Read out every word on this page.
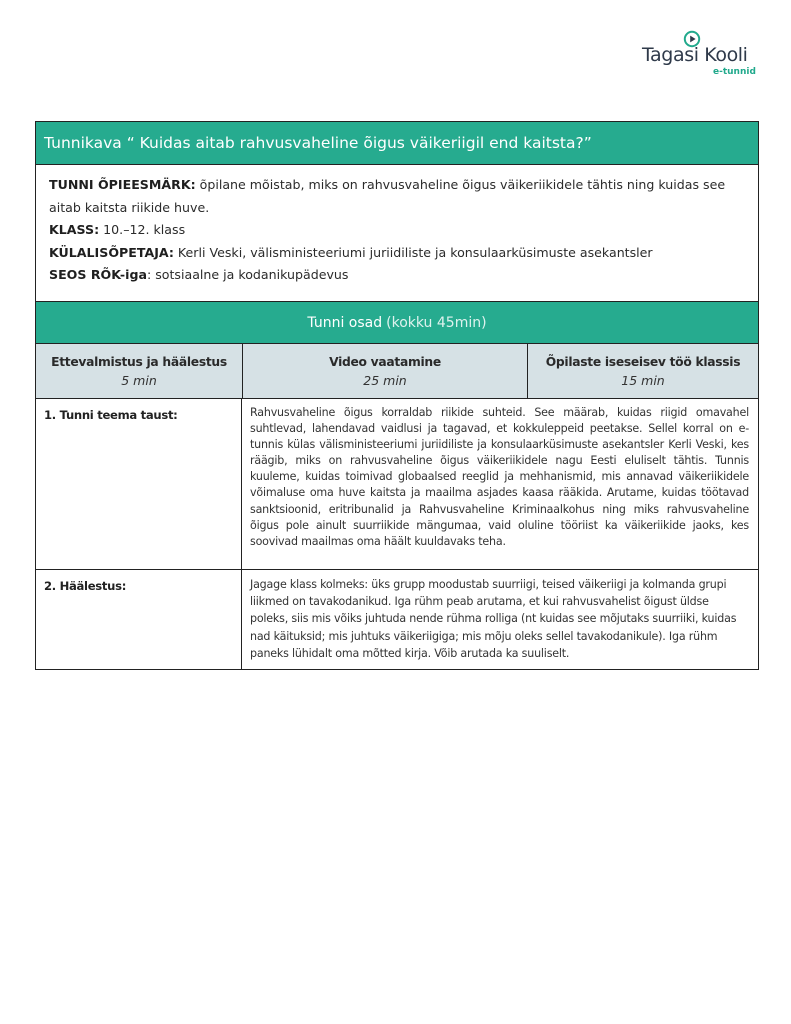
Tagasi Kooli
e-tunnid
Tunnikava “ Kuidas aitab rahvusvaheline õigus väikeriigil end kaitsta?”

TUNNI ÕPIEESMÄRK: õpilane mõistab, miks on rahvusvaheline õigus väikeriikidele tähtis ning kuidas see aitab kaitsta riikide huve.

KLASS: 10.–12. klass

KÜLALISÕPETAJA: Kerli Veski, välisministeeriumi juriidiliste ja konsulaarküsimuste asekantsler

SEOS RÕK-iga: sotsiaalne ja kodanikupädevus

Tunni osad (kokku 45min)
Ettevalmistus ja häälestus
5 min
Video vaatamine
25 min
Õpilaste iseseisev töö klassis
15 min
1. Tunni teema taust:	Rahvusvaheline õigus korraldab riikide suhteid. See määrab, kuidas riigid omavahel suhtlevad, lahendavad vaidlusi ja tagavad, et kokkuleppeid peetakse. Sellel korral on e-tunnis külas välisministeeriumi juriidiliste ja konsulaarküsimuste asekantsler Kerli Veski, kes räägib, miks on rahvusvaheline õigus väikeriikidele nagu Eesti eluliselt tähtis. Tunnis kuuleme, kuidas toimivad globaalsed reeglid ja mehhanismid, mis annavad väikeriikidele võimaluse oma huve kaitsta ja maailma asjades kaasa rääkida. Arutame, kuidas töötavad sanktsioonid, eritribunalid ja Rahvusvaheline Kriminaalkohus ning miks rahvusvaheline õigus pole ainult suurriikide mängumaa, vaid oluline tööriist ka väikeriikide jaoks, kes soovivad maailmas oma häält kuuldavaks teha.
2. Häälestus:	Jagage klass kolmeks: üks grupp moodustab suurriigi, teised väikeriigi ja kolmanda grupi liikmed on tavakodanikud. Iga rühm peab arutama, et kui rahvusvahelist õigust üldse poleks, siis mis võiks juhtuda nende rühma rolliga (nt kuidas see mõjutaks suurriiki, kuidas nad käituksid; mis juhtuks väikeriigiga; mis mõju oleks sellel tavakodanikule). Iga rühm paneks lühidalt oma mõtted kirja. Võib arutada ka suuliselt.
